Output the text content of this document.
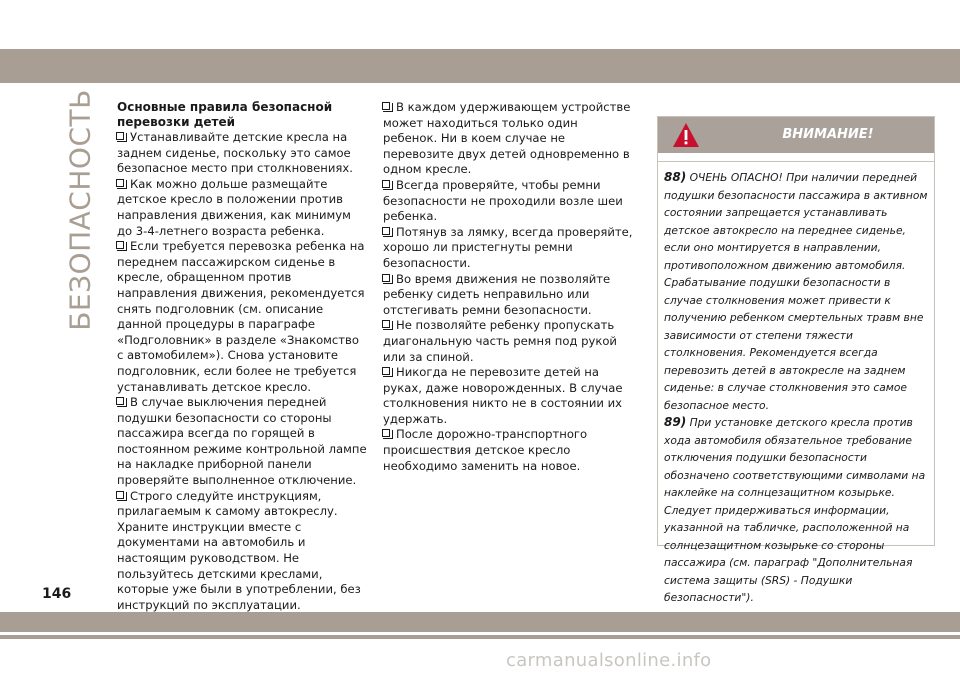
БЕЗОПАСНОСТЬ Основные правила безопасной перевозки детей

Устанавливайте детские кресла на заднем сиденье, поскольку это самое безопасное место при столкновениях.

Как можно дольше размещайте детское кресло в положении против направления движения, как минимум до 3-4-летнего возраста ребенка.

Если требуется перевозка ребенка на переднем пассажирском сиденье в кресле, обращенном против направления движения, рекомендуется снять подголовник (см. описание данной процедуры в параграфе «Подголовник» в разделе «Знакомство с автомобилем»). Снова установите подголовник, если более не требуется устанавливать детское кресло.

В случае выключения передней подушки безопасности со стороны пассажира всегда по горящей в постоянном режиме контрольной лампе на накладке приборной панели проверяйте выполненное отключение.

Строго следуйте инструкциям, прилагаемым к самому автокреслу. Храните инструкции вместе с документами на автомобиль и настоящим руководством. Не пользуйтесь детскими креслами, которые уже были в употреблении, без инструкций по эксплуатации.

В каждом удерживающем устройстве может находиться только один ребенок. Ни в коем случае не перевозите двух детей одновременно в одном кресле.

Всегда проверяйте, чтобы ремни безопасности не проходили возле шеи ребенка.

Потянув за лямку, всегда проверяйте, хорошо ли пристегнуты ремни безопасности.

Во время движения не позволяйте ребенку сидеть неправильно или отстегивать ремни безопасности.

Не позволяйте ребенку пропускать диагональную часть ремня под рукой или за спиной.

Никогда не перевозите детей на руках, даже новорожденных. В случае столкновения никто не в состоянии их удержать.

После дорожно-транспортного происшествия детское кресло необходимо заменить на новое.

ВНИМАНИЕ!

88) ОЧЕНЬ ОПАСНО! При наличии передней подушки безопасности пассажира в активном состоянии запрещается устанавливать детское автокресло на переднее сиденье, если оно монтируется в направлении, противоположном движению автомобиля. Срабатывание подушки безопасности в случае столкновения может привести к получению ребенком смертельных травм вне зависимости от степени тяжести столкновения. Рекомендуется всегда перевозить детей в автокресле на заднем сиденье: в случае столкновения это самое безопасное место.

89) При установке детского кресла против хода автомобиля обязательное требование отключения подушки безопасности обозначено соответствующими символами на наклейке на солнцезащитном козырьке. Следует придерживаться информации, указанной на табличке, расположенной на солнцезащитном козырьке со стороны пассажира (см. параграф "Дополнительная система защиты (SRS) - Подушки безопасности").

146
carmanualsonline.info
